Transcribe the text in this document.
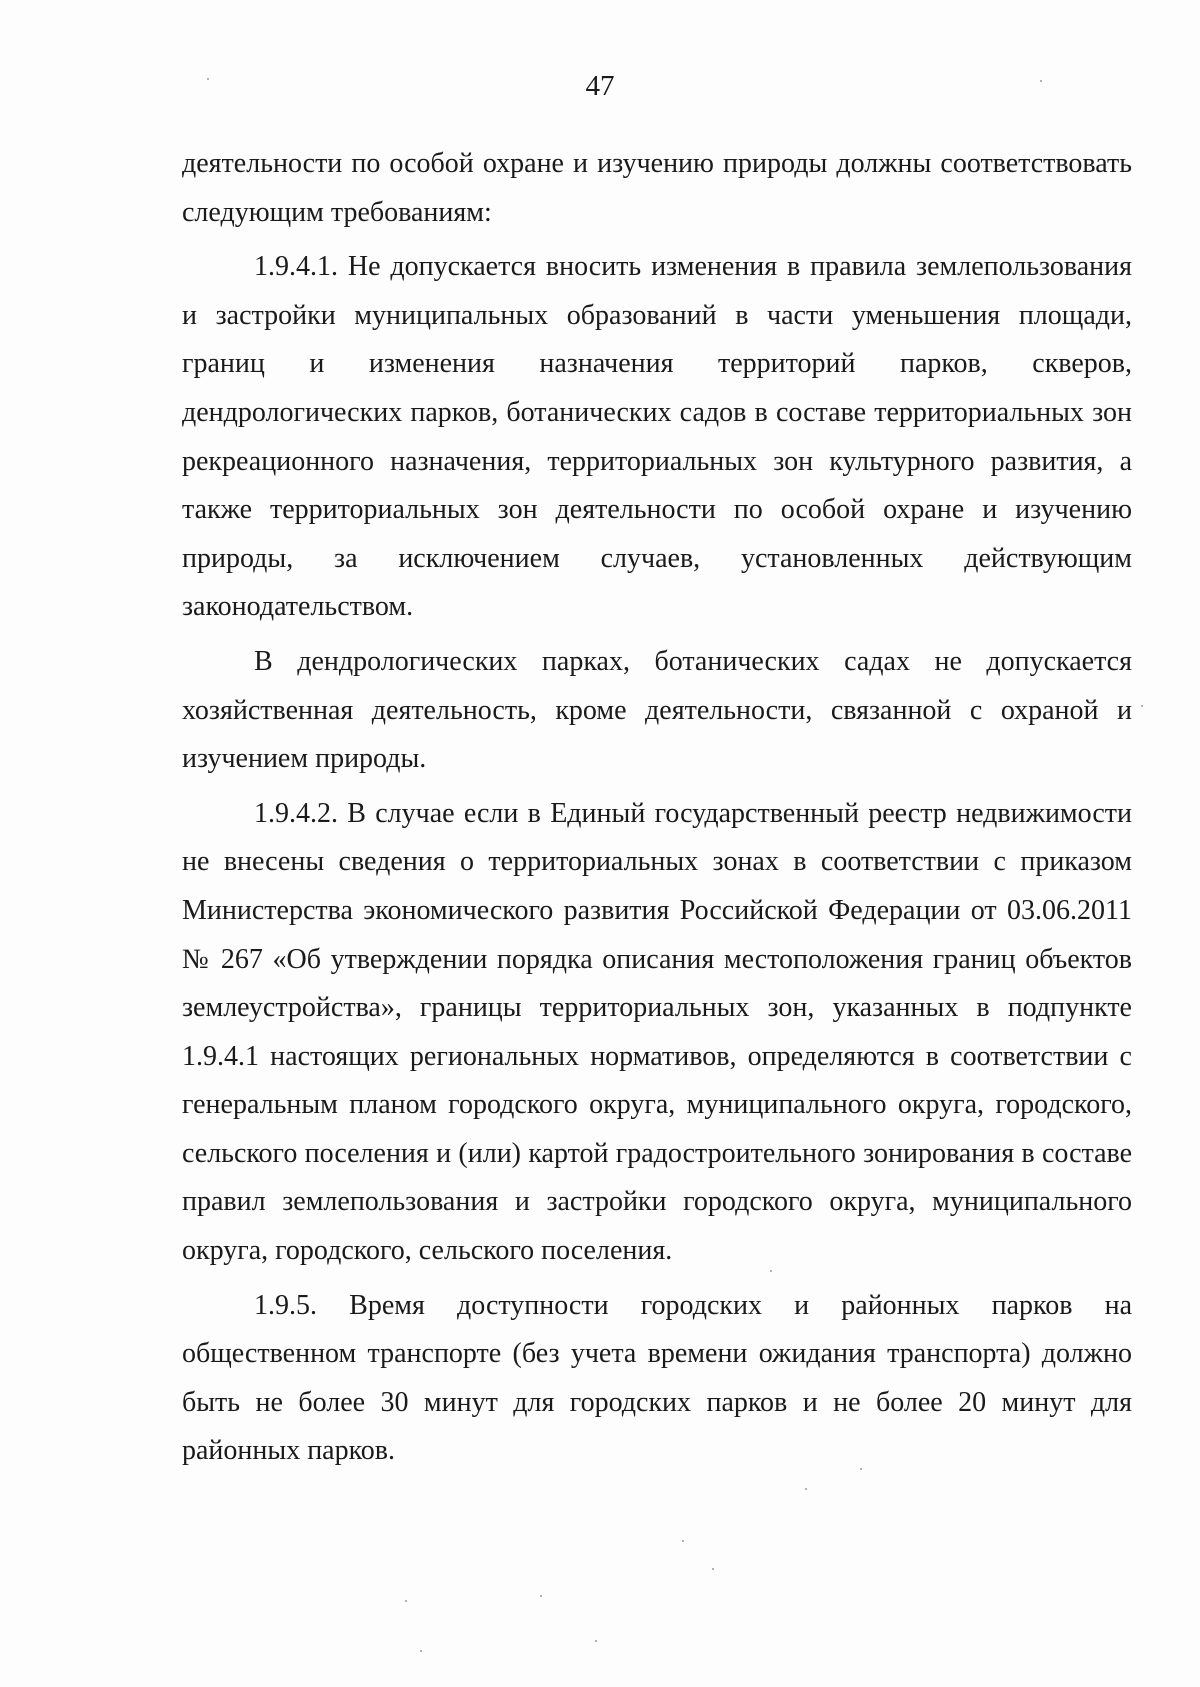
47

деятельности по особой охране и изучению природы должны соответствовать следующим требованиям:

1.9.4.1. Не допускается вносить изменения в правила землепользования и застройки муниципальных образований в части уменьшения площади, границ и изменения назначения территорий парков, скверов, дендрологических парков, ботанических садов в составе территориальных зон рекреационного назначения, территориальных зон культурного развития, а также территориальных зон деятельности по особой охране и изучению природы, за исключением случаев, установленных действующим законодательством.

В дендрологических парках, ботанических садах не допускается хозяйственная деятельность, кроме деятельности, связанной с охраной и изучением природы.

1.9.4.2. В случае если в Единый государственный реестр недвижимости не внесены сведения о территориальных зонах в соответствии с приказом Министерства экономического развития Российской Федерации от 03.06.2011 № 267 «Об утверждении порядка описания местоположения границ объектов землеустройства», границы территориальных зон, указанных в подпункте 1.9.4.1 настоящих региональных нормативов, определяются в соответствии с генеральным планом городского округа, муниципального округа, городского, сельского поселения и (или) картой градостроительного зонирования в составе правил землепользования и застройки городского округа, муниципального округа, городского, сельского поселения.

1.9.5. Время доступности городских и районных парков на общественном транспорте (без учета времени ожидания транспорта) должно быть не более 30 минут для городских парков и не более 20 минут для районных парков.
